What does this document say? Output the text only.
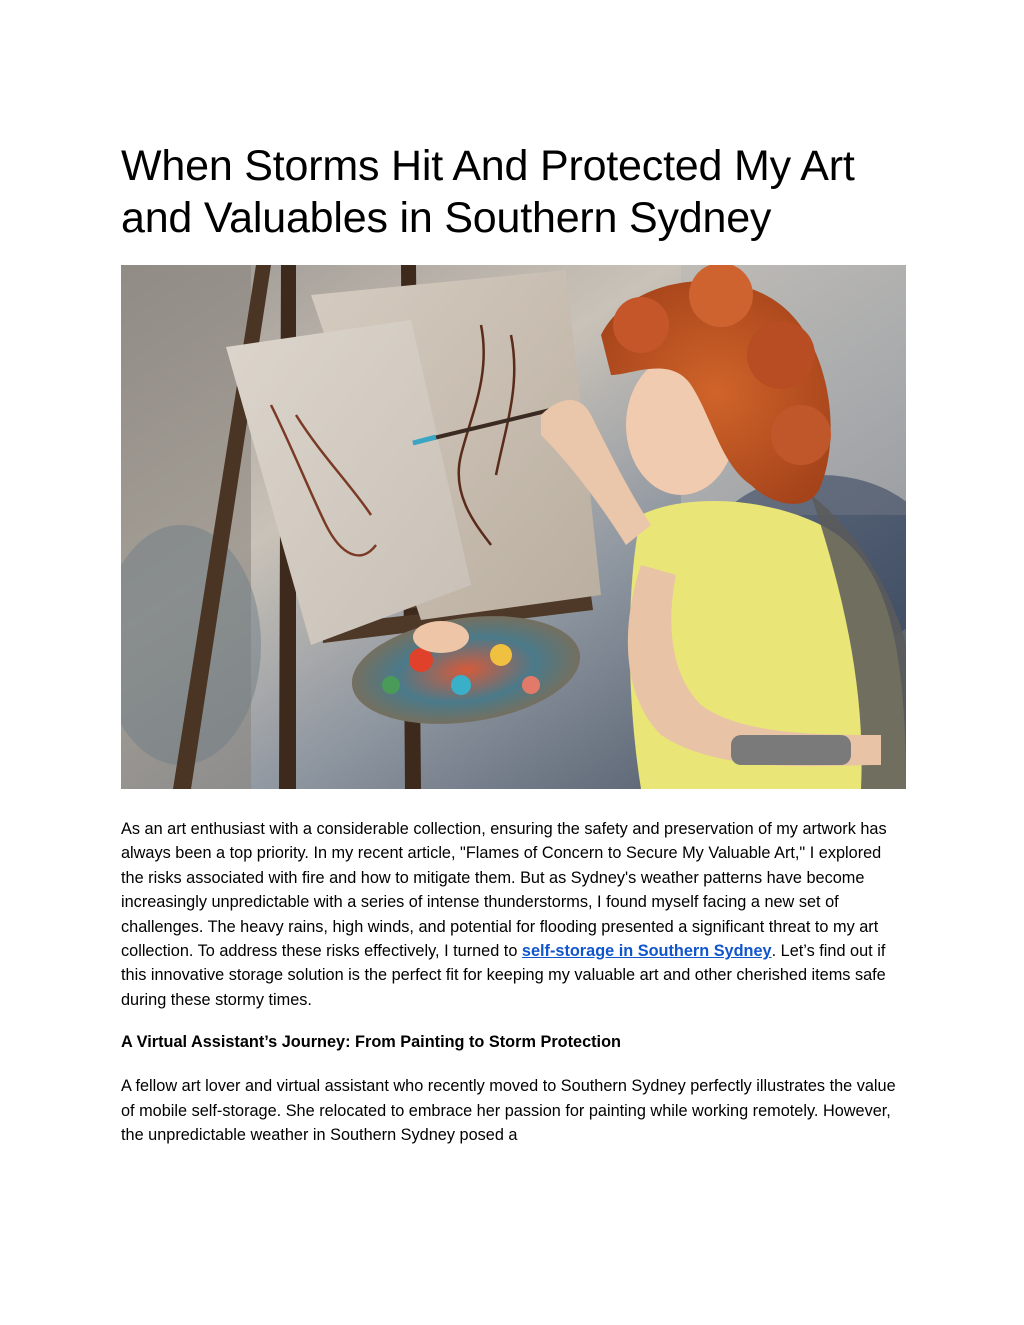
When Storms Hit And Protected My Art and Valuables in Southern Sydney

As an art enthusiast with a considerable collection, ensuring the safety and preservation of my artwork has always been a top priority. In my recent article, "Flames of Concern to Secure My Valuable Art," I explored the risks associated with fire and how to mitigate them. But as Sydney's weather patterns have become increasingly unpredictable with a series of intense thunderstorms, I found myself facing a new set of challenges. The heavy rains, high winds, and potential for flooding presented a significant threat to my art collection. To address these risks effectively, I turned to self-storage in Southern Sydney. Let’s find out if this innovative storage solution is the perfect fit for keeping my valuable art and other cherished items safe during these stormy times.

A Virtual Assistant’s Journey: From Painting to Storm Protection

A fellow art lover and virtual assistant who recently moved to Southern Sydney perfectly illustrates the value of mobile self-storage. She relocated to embrace her passion for painting while working remotely. However, the unpredictable weather in Southern Sydney posed a
